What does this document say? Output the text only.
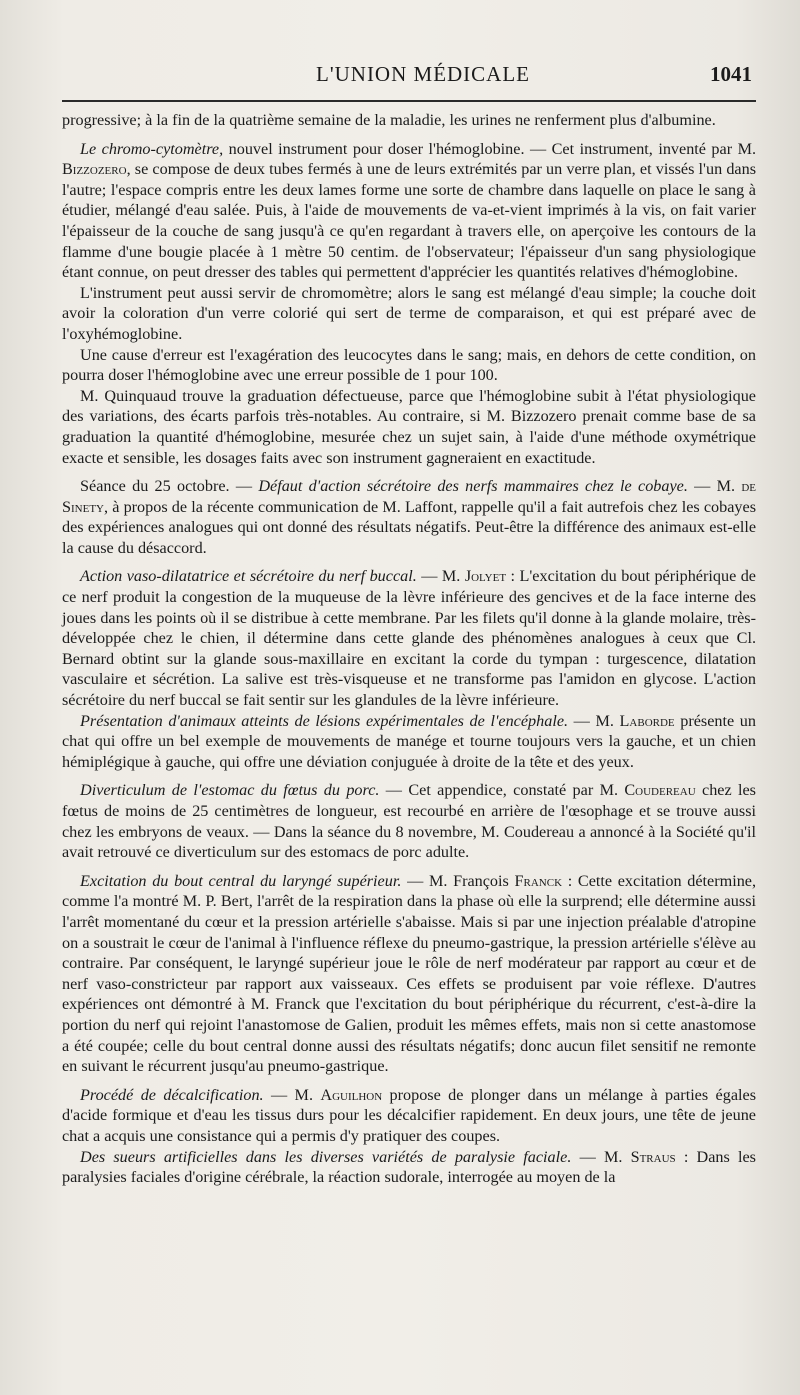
L'UNION MÉDICALE	1041

progressive; à la fin de la quatrième semaine de la maladie, les urines ne renferment plus d'albumine.

Le chromo-cytomètre, nouvel instrument pour doser l'hémoglobine. — Cet instrument, inventé par M. Bizzozero, se compose de deux tubes fermés à une de leurs extrémités par un verre plan, et vissés l'un dans l'autre; l'espace compris entre les deux lames forme une sorte de chambre dans laquelle on place le sang à étudier, mélangé d'eau salée. Puis, à l'aide de mouvements de va-et-vient imprimés à la vis, on fait varier l'épaisseur de la couche de sang jusqu'à ce qu'en regardant à travers elle, on aperçoive les contours de la flamme d'une bougie placée à 1 mètre 50 centim. de l'observateur; l'épaisseur d'un sang physiologique étant connue, on peut dresser des tables qui permettent d'apprécier les quantités relatives d'hémoglobine.

L'instrument peut aussi servir de chromomètre; alors le sang est mélangé d'eau simple; la couche doit avoir la coloration d'un verre colorié qui sert de terme de comparaison, et qui est préparé avec de l'oxyhémoglobine.

Une cause d'erreur est l'exagération des leucocytes dans le sang; mais, en dehors de cette condition, on pourra doser l'hémoglobine avec une erreur possible de 1 pour 100.

M. Quinquaud trouve la graduation défectueuse, parce que l'hémoglobine subit à l'état physiologique des variations, des écarts parfois très-notables. Au contraire, si M. Bizzozero prenait comme base de sa graduation la quantité d'hémoglobine, mesurée chez un sujet sain, à l'aide d'une méthode oxymétrique exacte et sensible, les dosages faits avec son instrument gagneraient en exactitude.

Séance du 25 octobre. — Défaut d'action sécrétoire des nerfs mammaires chez le cobaye. — M. de Sinety, à propos de la récente communication de M. Laffont, rappelle qu'il a fait autrefois chez les cobayes des expériences analogues qui ont donné des résultats négatifs. Peut-être la différence des animaux est-elle la cause du désaccord.

Action vaso-dilatatrice et sécrétoire du nerf buccal. — M. Jolyet : L'excitation du bout périphérique de ce nerf produit la congestion de la muqueuse de la lèvre inférieure des gencives et de la face interne des joues dans les points où il se distribue à cette membrane. Par les filets qu'il donne à la glande molaire, très-développée chez le chien, il détermine dans cette glande des phénomènes analogues à ceux que Cl. Bernard obtint sur la glande sous-maxillaire en excitant la corde du tympan : turgescence, dilatation vasculaire et sécrétion. La salive est très-visqueuse et ne transforme pas l'amidon en glycose. L'action sécrétoire du nerf buccal se fait sentir sur les glandules de la lèvre inférieure.

Présentation d'animaux atteints de lésions expérimentales de l'encéphale. — M. Laborde présente un chat qui offre un bel exemple de mouvements de manége et tourne toujours vers la gauche, et un chien hémiplégique à gauche, qui offre une déviation conjuguée à droite de la tête et des yeux.

Diverticulum de l'estomac du fœtus du porc. — Cet appendice, constaté par M. Coudereau chez les fœtus de moins de 25 centimètres de longueur, est recourbé en arrière de l'œsophage et se trouve aussi chez les embryons de veaux. — Dans la séance du 8 novembre, M. Coudereau a annoncé à la Société qu'il avait retrouvé ce diverticulum sur des estomacs de porc adulte.

Excitation du bout central du laryngé supérieur. — M. François Franck : Cette excitation détermine, comme l'a montré M. P. Bert, l'arrêt de la respiration dans la phase où elle la surprend; elle détermine aussi l'arrêt momentané du cœur et la pression artérielle s'abaisse. Mais si par une injection préalable d'atropine on a soustrait le cœur de l'animal à l'influence réflexe du pneumo-gastrique, la pression artérielle s'élève au contraire. Par conséquent, le laryngé supérieur joue le rôle de nerf modérateur par rapport au cœur et de nerf vaso-constricteur par rapport aux vaisseaux. Ces effets se produisent par voie réflexe. D'autres expériences ont démontré à M. Franck que l'excitation du bout périphérique du récurrent, c'est-à-dire la portion du nerf qui rejoint l'anastomose de Galien, produit les mêmes effets, mais non si cette anastomose a été coupée; celle du bout central donne aussi des résultats négatifs; donc aucun filet sensitif ne remonte en suivant le récurrent jusqu'au pneumo-gastrique.

Procédé de décalcification. — M. Aguilhon propose de plonger dans un mélange à parties égales d'acide formique et d'eau les tissus durs pour les décalcifier rapidement. En deux jours, une tête de jeune chat a acquis une consistance qui a permis d'y pratiquer des coupes.

Des sueurs artificielles dans les diverses variétés de paralysie faciale. — M. Straus : Dans les paralysies faciales d'origine cérébrale, la réaction sudorale, interrogée au moyen de la
